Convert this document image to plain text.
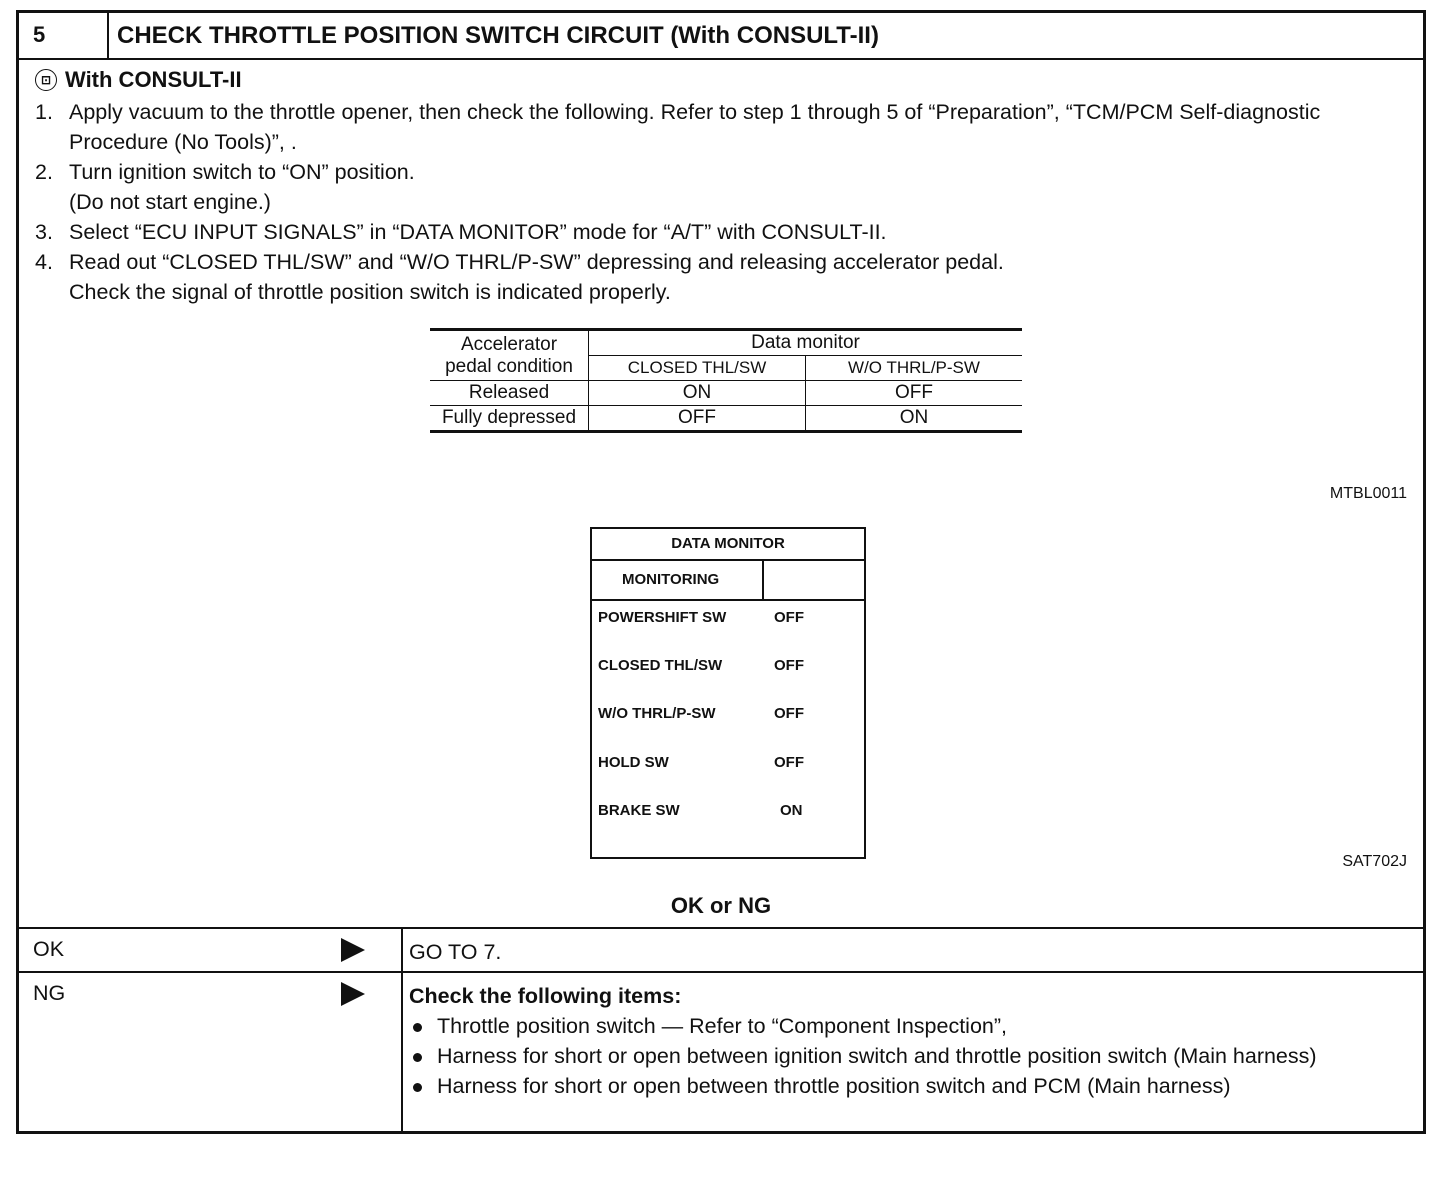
5	CHECK THROTTLE POSITION SWITCH CIRCUIT (With CONSULT-II)
⊡ With CONSULT-II
1. Apply vacuum to the throttle opener, then check the following. Refer to step 1 through 5 of “Preparation”, “TCM/PCM Self-diagnostic Procedure (No Tools)”, .
2. Turn ignition switch to “ON” position.
(Do not start engine.)
3. Select “ECU INPUT SIGNALS” in “DATA MONITOR” mode for “A/T” with CONSULT-II.
4. Read out “CLOSED THL/SW” and “W/O THRL/P-SW” depressing and releasing accelerator pedal.
Check the signal of throttle position switch is indicated properly.
Accelerator
pedal condition	Data monitor	
	CLOSED THL/SW	W/O THRL/P-SW
Released	ON	OFF
Fully depressed	OFF	ON
MTBL0011
DATA MONITOR
MONITORING
POWERSHIFT SW	OFF
CLOSED THL/SW	OFF
W/O THRL/P-SW	OFF
HOLD SW	OFF
BRAKE SW	ON
SAT702J
OK or NG
OK	GO TO 7.
NG	Check the following items:
Throttle position switch — Refer to “Component Inspection”,
Harness for short or open between ignition switch and throttle position switch (Main harness)
Harness for short or open between throttle position switch and PCM (Main harness)
